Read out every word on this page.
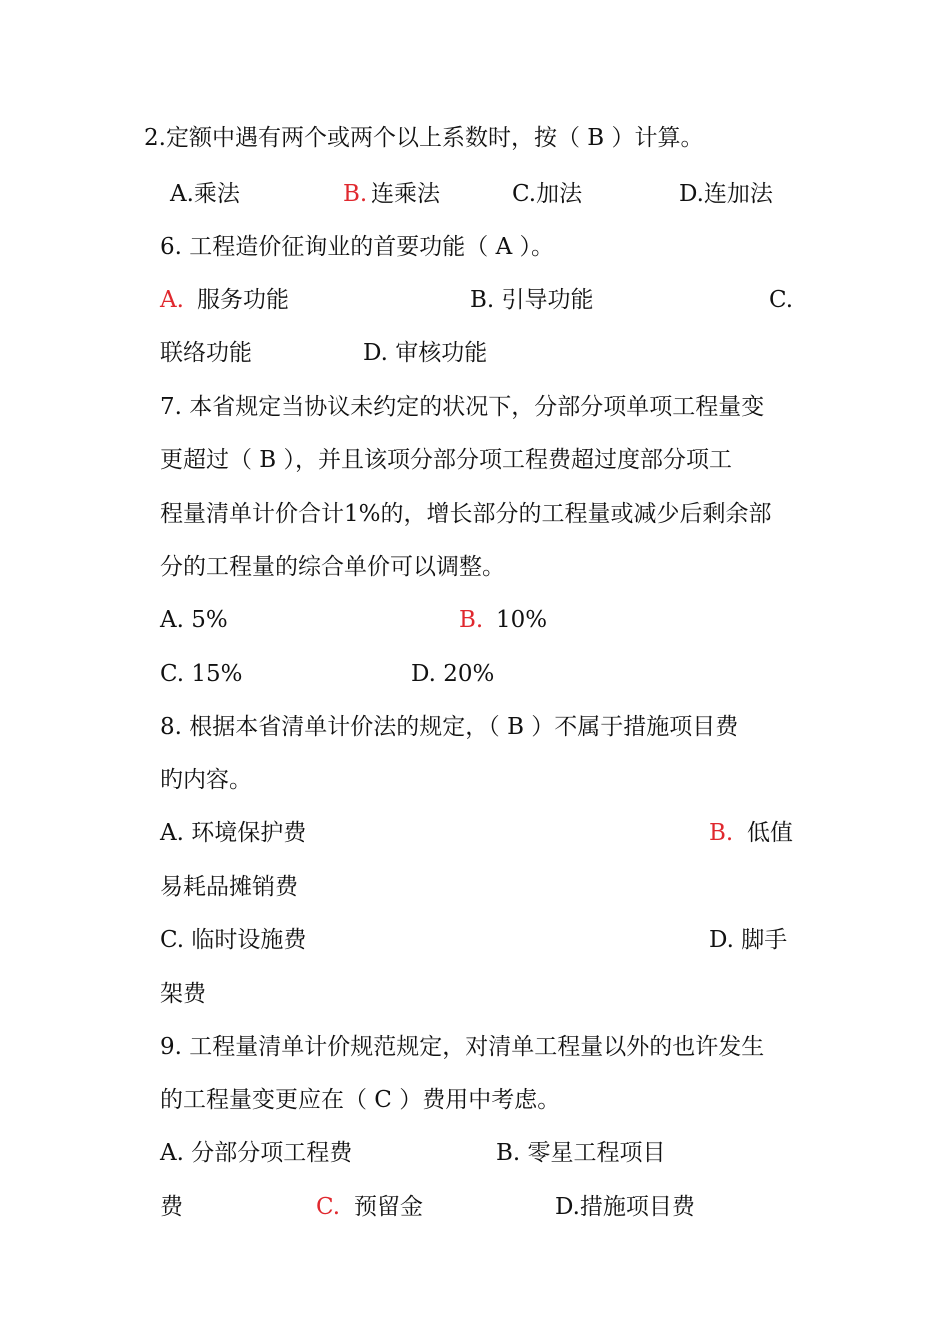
2.定额中遇有两个或两个以上系数时，按（ B ）计算。
A.乘法	B. 连乘法	C.加法	D.连加法
6. 工程造价征询业的首要功能（ A ）。
A. 服务功能	B. 引导功能	C.
联络功能	D. 审核功能
7. 本省规定当协议未约定的状况下，分部分项单项工程量变
更超过（ B ），并且该项分部分项工程费超过度部分项工
程量清单计价合计1%的，增长部分的工程量或减少后剩余部
分的工程量的综合单价可以调整。
A. 5%	B. 10%
C. 15%	D. 20%
8. 根据本省清单计价法的规定，（ B ）不属于措施项目费
旳内容。
A. 环境保护费	B. 低值
易耗品摊销费
C. 临时设施费	D. 脚手
架费
9. 工程量清单计价规范规定，对清单工程量以外的也许发生
的工程量变更应在（ C ）费用中考虑。
A. 分部分项工程费	B. 零星工程项目
费	C. 预留金	D.措施项目费
